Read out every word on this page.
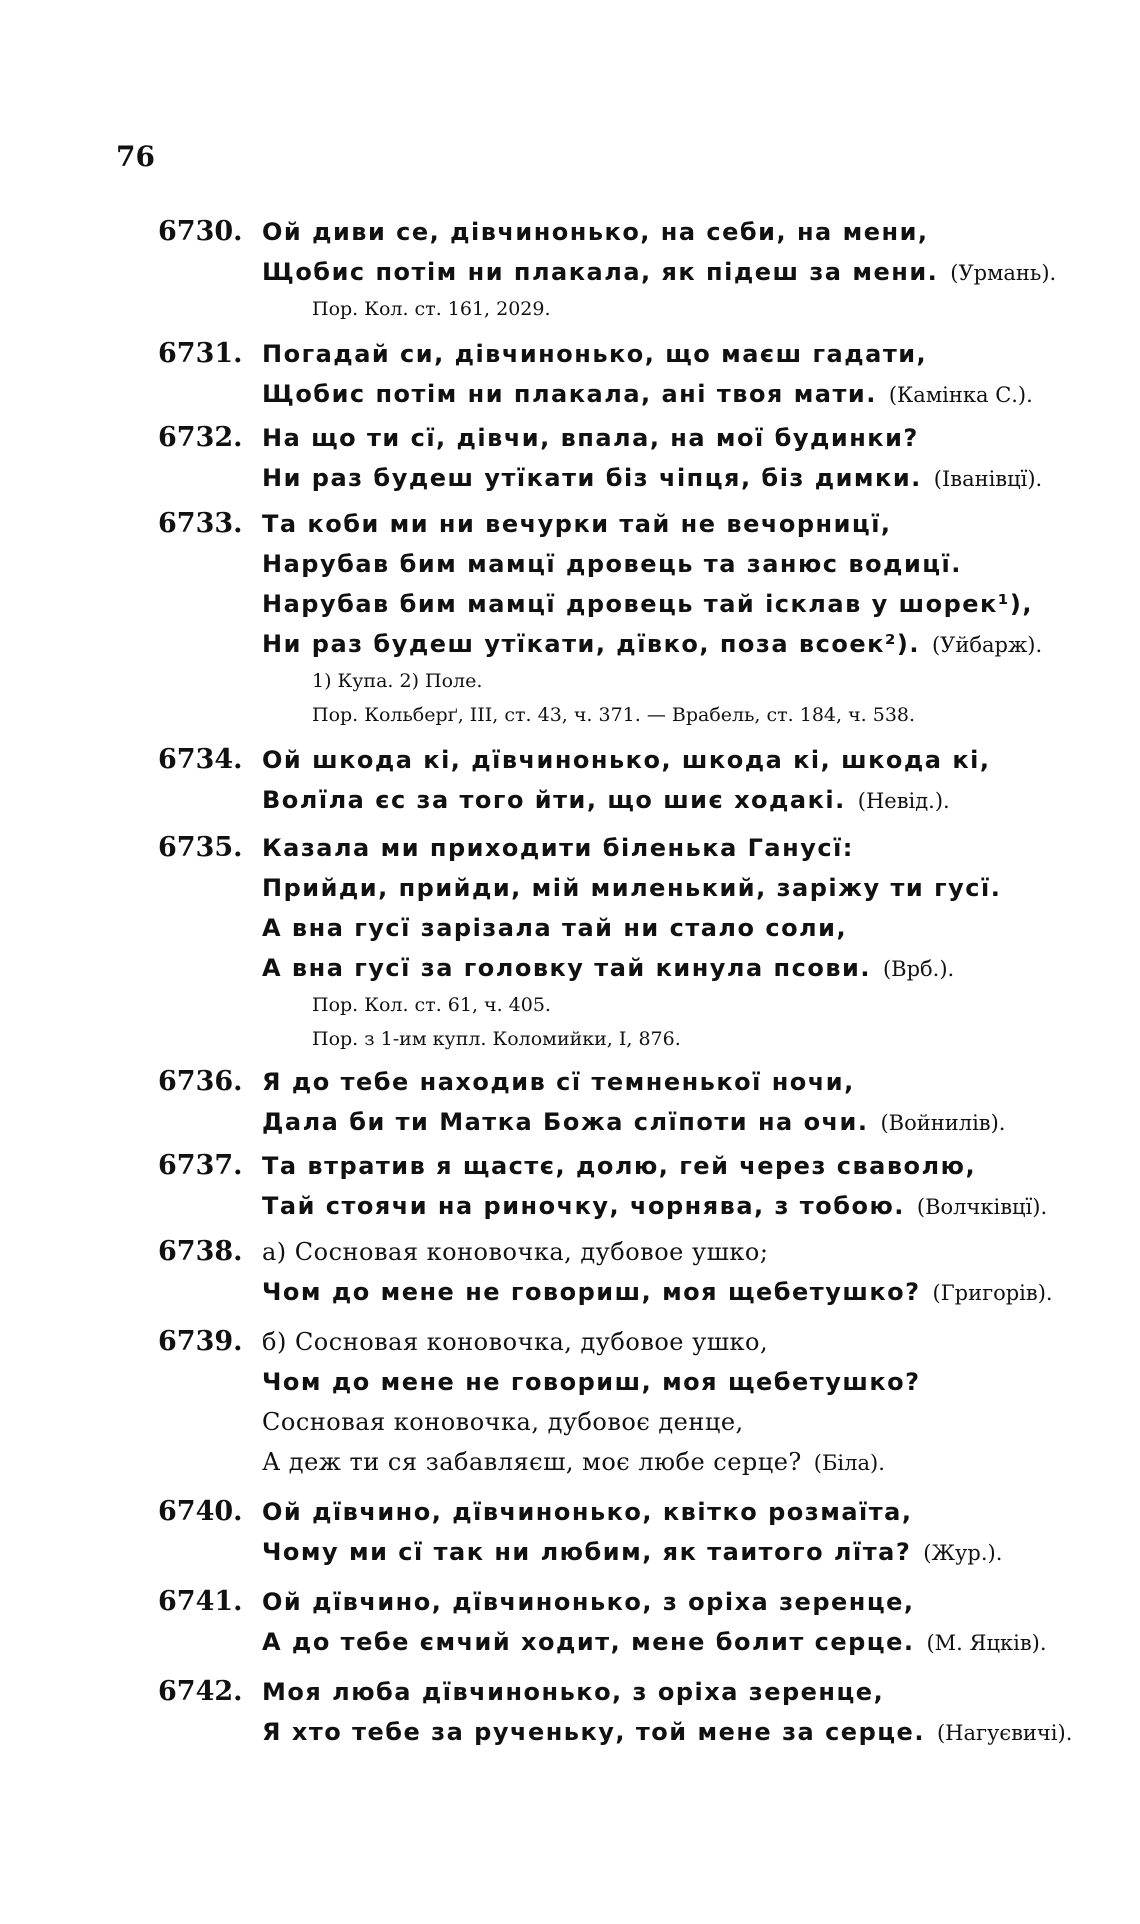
76
6730. Ой диви се, дівчинонько, на себи, на мени,
Щобис потім ни плакала, як підеш за мени. (Урмань).
Пор. Кол. ст. 161, 2029.
6731. Погадай си, дівчинонько, що маєш гадати,
Щобис потім ни плакала, ані твоя мати. (Камінка С.).
6732. На що ти сї, дівчи, впала, на мої будинки?
Ни раз будеш утїкати біз чіпця, біз димки. (Іванівцї).
6733. Та коби ми ни вечурки тай не вечорницї,
Нарубав бим мамцї дровець та занюс водицї.
Нарубав бим мамцї дровець тай ісклав у шорек¹),
Ни раз будеш утїкати, дївко, поза всоек²). (Уйбарж).
1) Купа. 2) Поле.
Пор. Кольберґ, III, ст. 43, ч. 371. — Врабель, ст. 184, ч. 538.
6734. Ой шкода кі, дївчинонько, шкода кі, шкода кі,
Волїла єс за того йти, що шиє ходакі. (Невід.).
6735. Казала ми приходити біленька Ганусї:
Прийди, прийди, мій миленький, заріжу ти гусї.
А вна гусї зарізала тай ни стало соли,
А вна гусї за головку тай кинула псови. (Врб.).
Пор. Кол. ст. 61, ч. 405.
Пор. з 1-им купл. Коломийки, I, 876.
6736. Я до тебе находив сї темненької ночи,
Дала би ти Матка Божа слїпоти на очи. (Войнилів).
6737. Та втратив я щастє, долю, гей через сваволю,
Тай стоячи на риночку, чорнява, з тобою. (Волчківцї).
6738. а) Сосновая коновочка, дубовое ушко;
Чом до мене не говориш, моя щебетушко? (Григорів).
6739. б) Сосновая коновочка, дубовое ушко,
Чом до мене не говориш, моя щебетушко?
Сосновая коновочка, дубовоє денце,
А деж ти ся забавляєш, моє любе серце? (Біла).
6740. Ой дївчино, дївчинонько, квітко розмаїта,
Чому ми сї так ни любим, як таитого лїта? (Жур.).
6741. Ой дївчино, дївчинонько, з оріха зеренце,
А до тебе ємчий ходит, мене болит серце. (М. Яцків).
6742. Моя люба дївчинонько, з оріха зеренце,
Я хто тебе за рученьку, той мене за серце. (Нагуєвичі).
